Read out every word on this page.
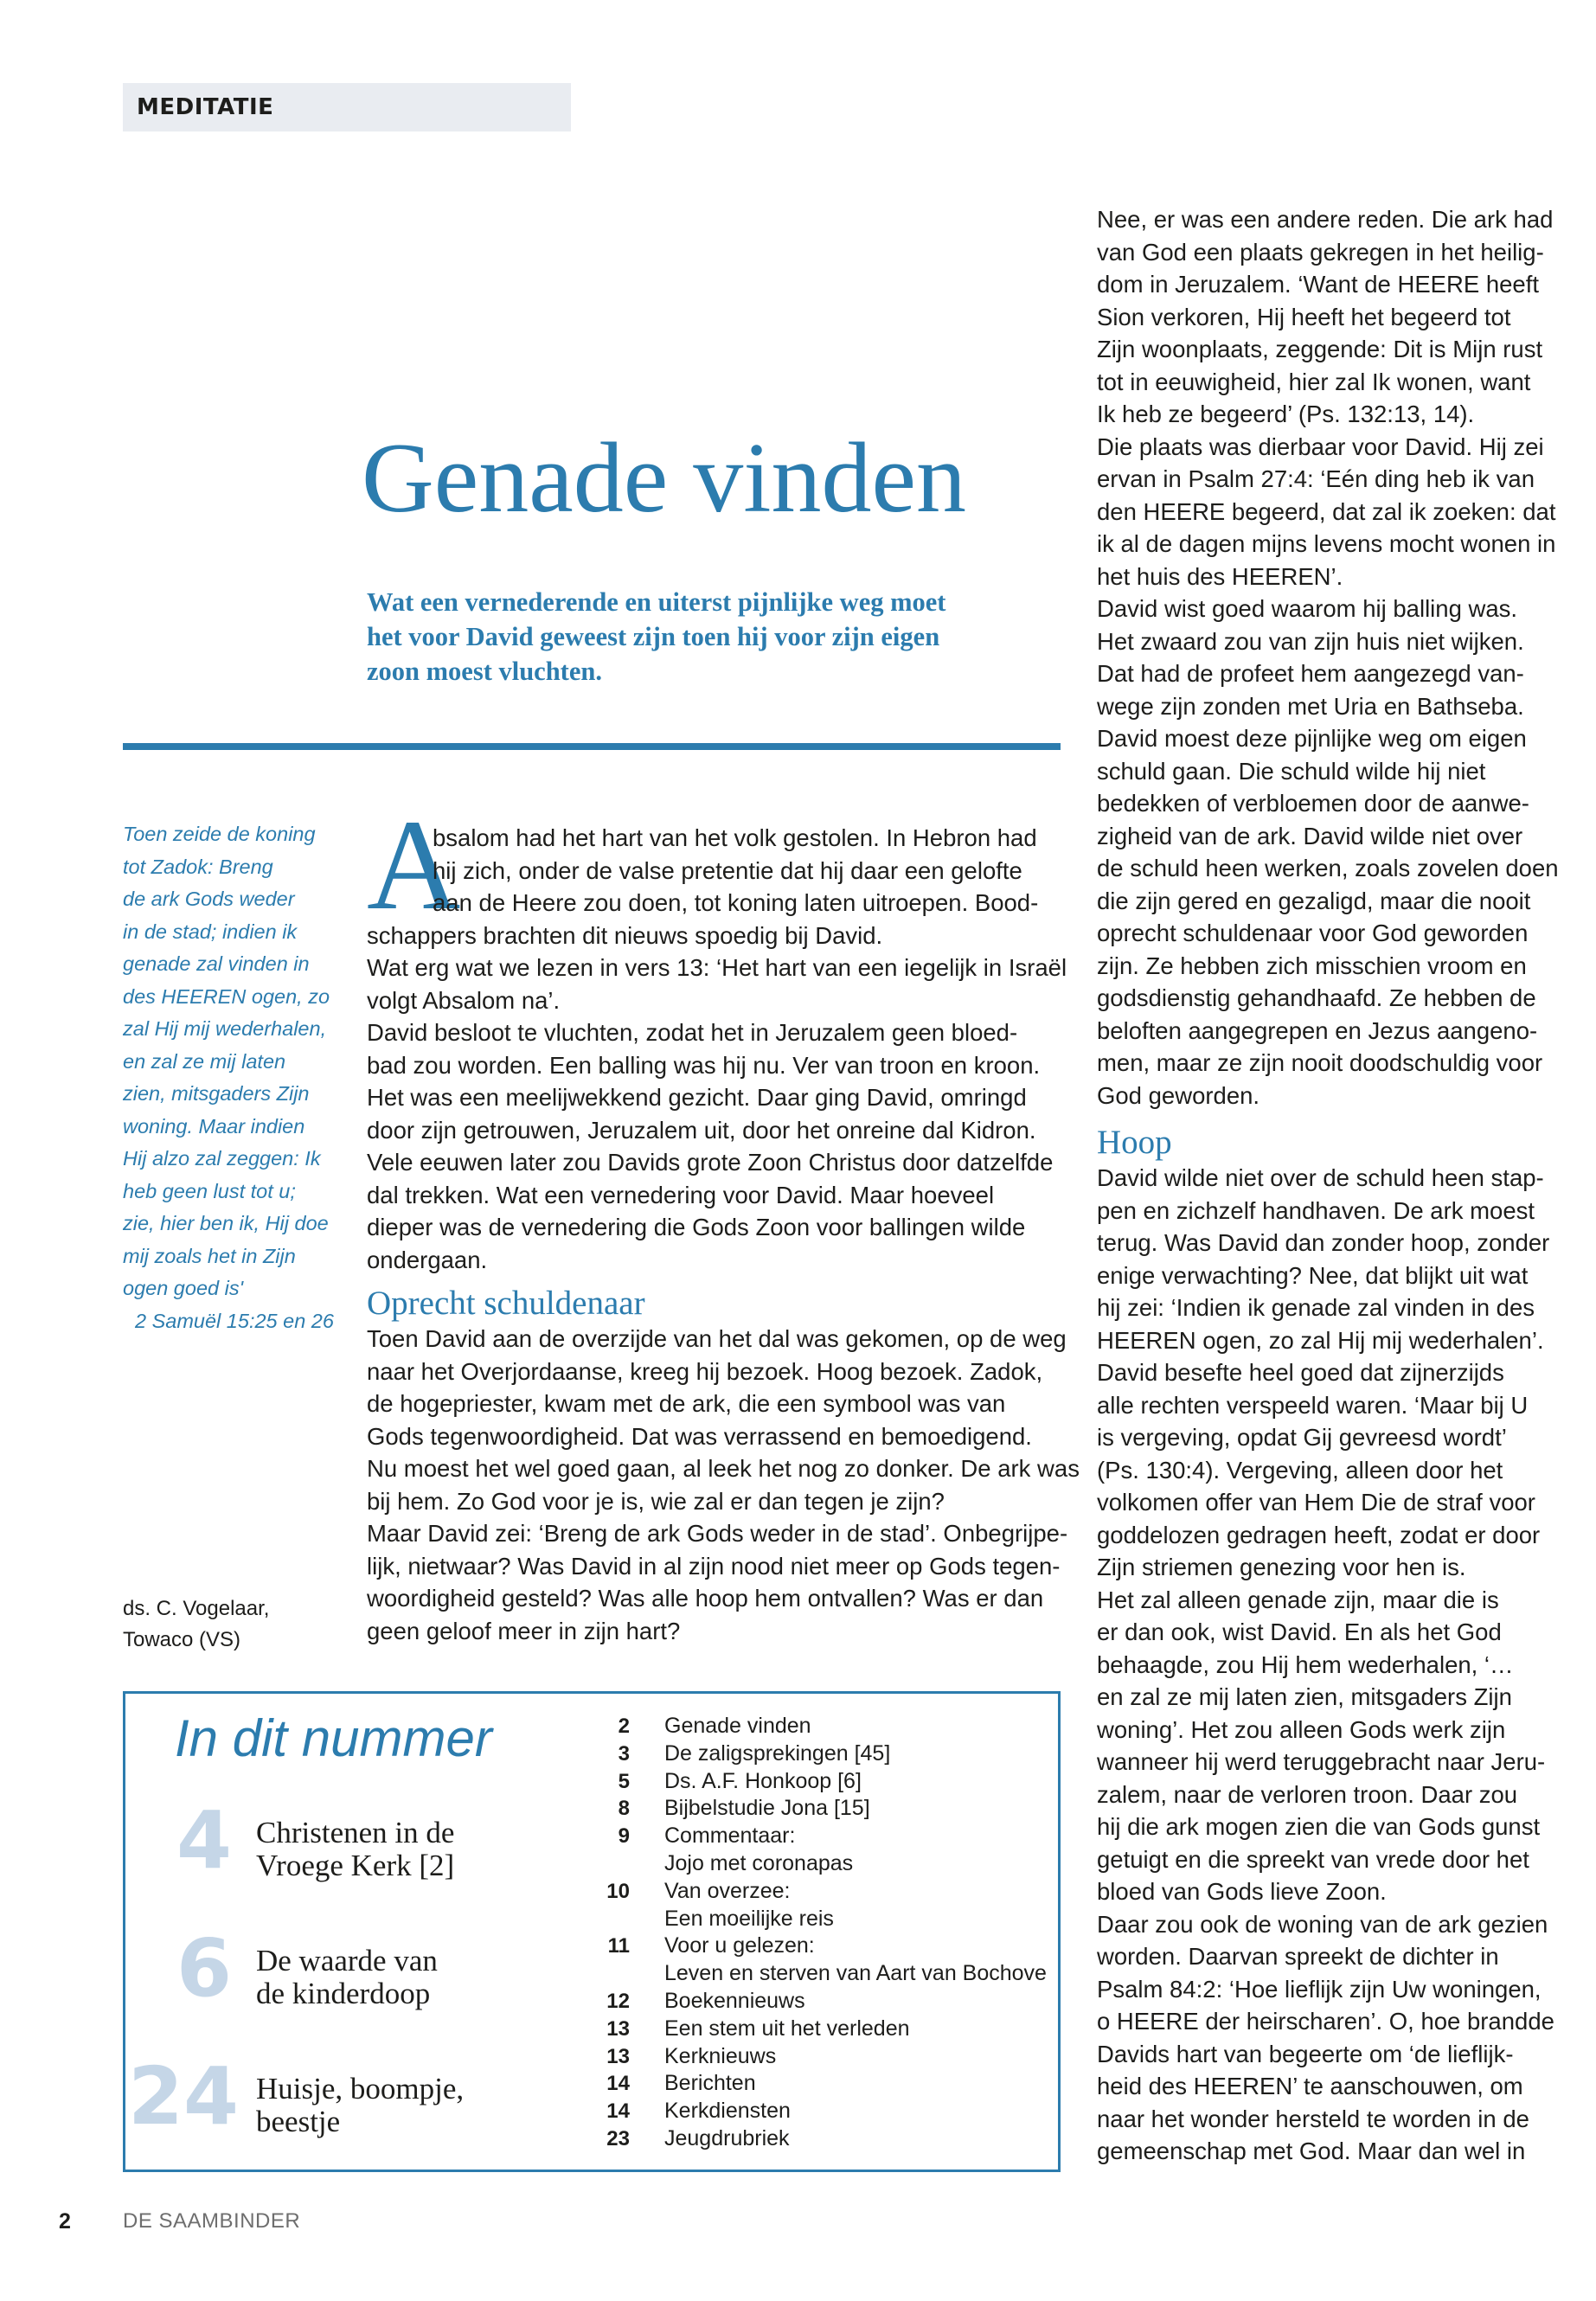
MEDITATIE
Genade vinden
Wat een vernederende en uiterst pijnlijke weg moet
het voor David geweest zijn toen hij voor zijn eigen
zoon moest vluchten.
Toen zeide de koning
tot Zadok: Breng
de ark Gods weder
in de stad; indien ik
genade zal vinden in
des HEEREN ogen, zo
zal Hij mij wederhalen,
en zal ze mij laten
zien, mitsgaders Zijn
woning. Maar indien
Hij alzo zal zeggen: Ik
heb geen lust tot u;
zie, hier ben ik, Hij doe
mij zoals het in Zijn
ogen goed is'
2 Samuël 15:25 en 26
ds. C. Vogelaar,
Towaco (VS)
A
bsalom had het hart van het volk gestolen. In Hebron had
hij zich, onder de valse pretentie dat hij daar een gelofte
aan de Heere zou doen, tot koning laten uitroepen. Bood-
schappers brachten dit nieuws spoedig bij David.
Wat erg wat we lezen in vers 13: ‘Het hart van een iegelijk in Israël
volgt Absalom na’.
David besloot te vluchten, zodat het in Jeruzalem geen bloed-
bad zou worden. Een balling was hij nu. Ver van troon en kroon.
Het was een meelijwekkend gezicht. Daar ging David, omringd
door zijn getrouwen, Jeruzalem uit, door het onreine dal Kidron.
Vele eeuwen later zou Davids grote Zoon Christus door datzelfde
dal trekken. Wat een vernedering voor David. Maar hoeveel
dieper was de vernedering die Gods Zoon voor ballingen wilde
ondergaan.
Oprecht schuldenaar
Toen David aan de overzijde van het dal was gekomen, op de weg
naar het Overjordaanse, kreeg hij bezoek. Hoog bezoek. Zadok,
de hogepriester, kwam met de ark, die een symbool was van
Gods tegenwoordigheid. Dat was verrassend en bemoedigend.
Nu moest het wel goed gaan, al leek het nog zo donker. De ark was
bij hem. Zo God voor je is, wie zal er dan tegen je zijn?
Maar David zei: ‘Breng de ark Gods weder in de stad’. Onbegrijpe-
lijk, nietwaar? Was David in al zijn nood niet meer op Gods tegen-
woordigheid gesteld? Was alle hoop hem ontvallen? Was er dan
geen geloof meer in zijn hart?
Nee, er was een andere reden. Die ark had
van God een plaats gekregen in het heilig-
dom in Jeruzalem. ‘Want de HEERE heeft
Sion verkoren, Hij heeft het begeerd tot
Zijn woonplaats, zeggende: Dit is Mijn rust
tot in eeuwigheid, hier zal Ik wonen, want
Ik heb ze begeerd’ (Ps. 132:13, 14).
Die plaats was dierbaar voor David. Hij zei
ervan in Psalm 27:4: ‘Eén ding heb ik van
den HEERE begeerd, dat zal ik zoeken: dat
ik al de dagen mijns levens mocht wonen in
het huis des HEEREN’.
David wist goed waarom hij balling was.
Het zwaard zou van zijn huis niet wijken.
Dat had de profeet hem aangezegd van-
wege zijn zonden met Uria en Bathseba.
David moest deze pijnlijke weg om eigen
schuld gaan. Die schuld wilde hij niet
bedekken of verbloemen door de aanwe-
zigheid van de ark. David wilde niet over
de schuld heen werken, zoals zovelen doen
die zijn gered en gezaligd, maar die nooit
oprecht schuldenaar voor God geworden
zijn. Ze hebben zich misschien vroom en
godsdienstig gehandhaafd. Ze hebben de
beloften aangegrepen en Jezus aangeno-
men, maar ze zijn nooit doodschuldig voor
God geworden.
Hoop
David wilde niet over de schuld heen stap-
pen en zichzelf handhaven. De ark moest
terug. Was David dan zonder hoop, zonder
enige verwachting? Nee, dat blijkt uit wat
hij zei: ‘Indien ik genade zal vinden in des
HEEREN ogen, zo zal Hij mij wederhalen’.
David besefte heel goed dat zijnerzijds
alle rechten verspeeld waren. ‘Maar bij U
is vergeving, opdat Gij gevreesd wordt’
(Ps. 130:4). Vergeving, alleen door het
volkomen offer van Hem Die de straf voor
goddelozen gedragen heeft, zodat er door
Zijn striemen genezing voor hen is.
Het zal alleen genade zijn, maar die is
er dan ook, wist David. En als het God
behaagde, zou Hij hem wederhalen, ‘…
en zal ze mij laten zien, mitsgaders Zijn
woning’. Het zou alleen Gods werk zijn
wanneer hij werd teruggebracht naar Jeru-
zalem, naar de verloren troon. Daar zou
hij die ark mogen zien die van Gods gunst
getuigt en die spreekt van vrede door het
bloed van Gods lieve Zoon.
Daar zou ook de woning van de ark gezien
worden. Daarvan spreekt de dichter in
Psalm 84:2: ‘Hoe lieflijk zijn Uw woningen,
o HEERE der heirscharen’. O, hoe brandde
Davids hart van begeerte om ‘de lieflijk-
heid des HEEREN’ te aanschouwen, om
naar het wonder hersteld te worden in de
gemeenschap met God. Maar dan wel in
In dit nummer
4 Christenen in de
Vroege Kerk [2]
6 De waarde van
de kinderdoop
24 Huisje, boompje,
beestje
2 Genade vinden
3 De zaligsprekingen [45]
5 Ds. A.F. Honkoop [6]
8 Bijbelstudie Jona [15]
9 Commentaar:
Jojo met coronapas
10 Van overzee:
Een moeilijke reis
11 Voor u gelezen:
Leven en sterven van Aart van Bochove
12 Boekennieuws
13 Een stem uit het verleden
13 Kerknieuws
14 Berichten
14 Kerkdiensten
23 Jeugdrubriek
2	DE SAAMBINDER
